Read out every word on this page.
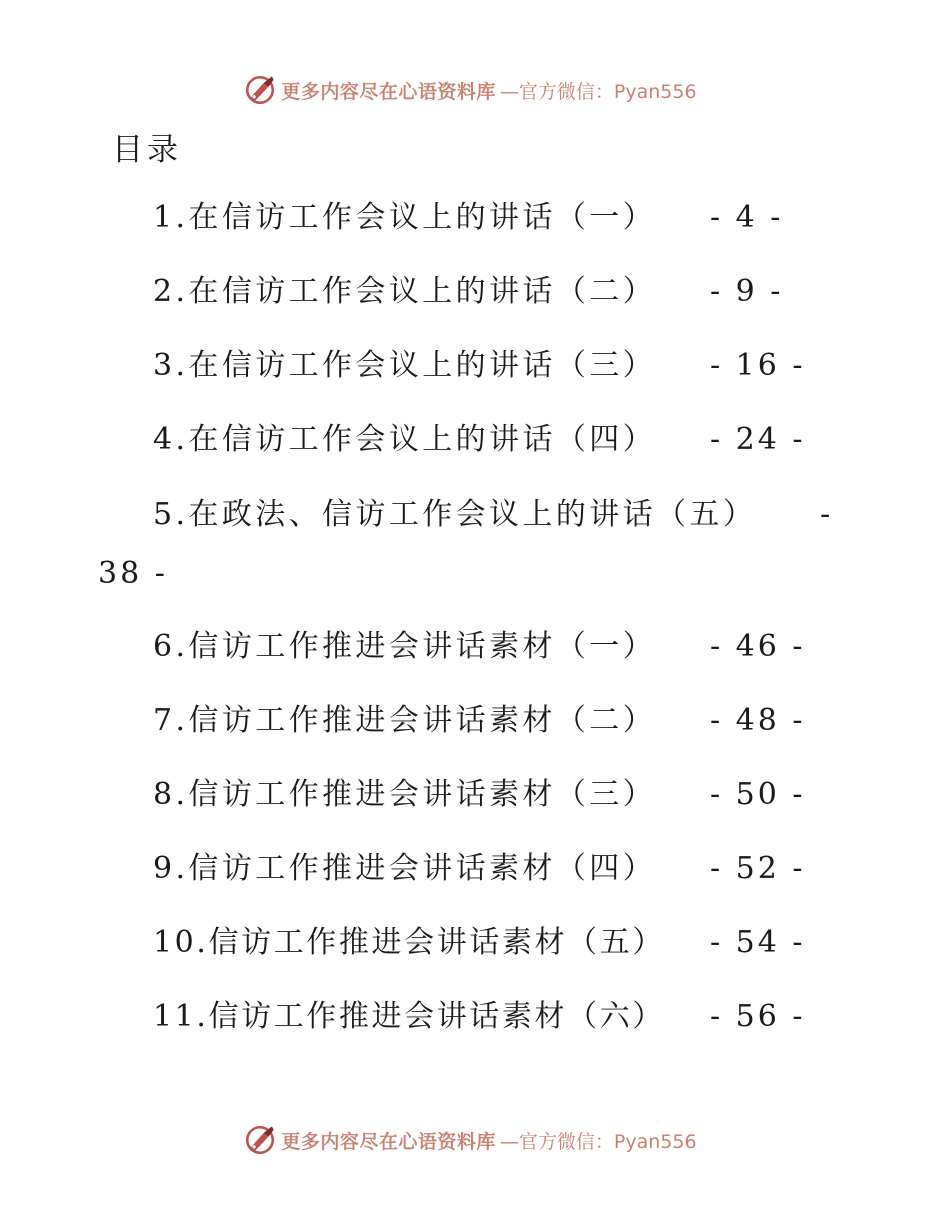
更多内容尽在心语资料库 —官方微信：Pyan556
目录
1.在信访工作会议上的讲话（一） - 4 -
2.在信访工作会议上的讲话（二） - 9 -
3.在信访工作会议上的讲话（三） - 16 -
4.在信访工作会议上的讲话（四） - 24 -
5.在政法、信访工作会议上的讲话（五） -
38 -
6.信访工作推进会讲话素材（一） - 46 -
7.信访工作推进会讲话素材（二） - 48 -
8.信访工作推进会讲话素材（三） - 50 -
9.信访工作推进会讲话素材（四） - 52 -
10.信访工作推进会讲话素材（五） - 54 -
11.信访工作推进会讲话素材（六） - 56 -
更多内容尽在心语资料库 —官方微信：Pyan556
